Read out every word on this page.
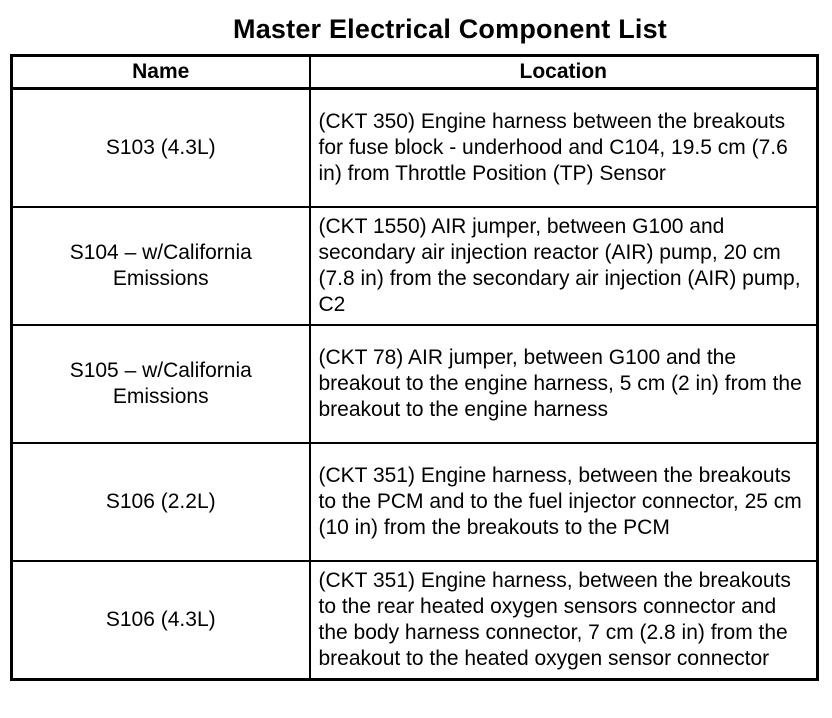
Master Electrical Component List
Name	Location
S103 (4.3L)	(CKT 350) Engine harness between the breakouts for fuse block - underhood and C104, 19.5 cm (7.6 in) from Throttle Position (TP) Sensor
S104 – w/California Emissions	(CKT 1550) AIR jumper, between G100 and secondary air injection reactor (AIR) pump, 20 cm (7.8 in) from the secondary air injection (AIR) pump, C2
S105 – w/California Emissions	(CKT 78) AIR jumper, between G100 and the breakout to the engine harness, 5 cm (2 in) from the breakout to the engine harness
S106 (2.2L)	(CKT 351) Engine harness, between the breakouts to the PCM and to the fuel injector connector, 25 cm (10 in) from the breakouts to the PCM
S106 (4.3L)	(CKT 351) Engine harness, between the breakouts to the rear heated oxygen sensors connector and the body harness connector, 7 cm (2.8 in) from the breakout to the heated oxygen sensor connector
